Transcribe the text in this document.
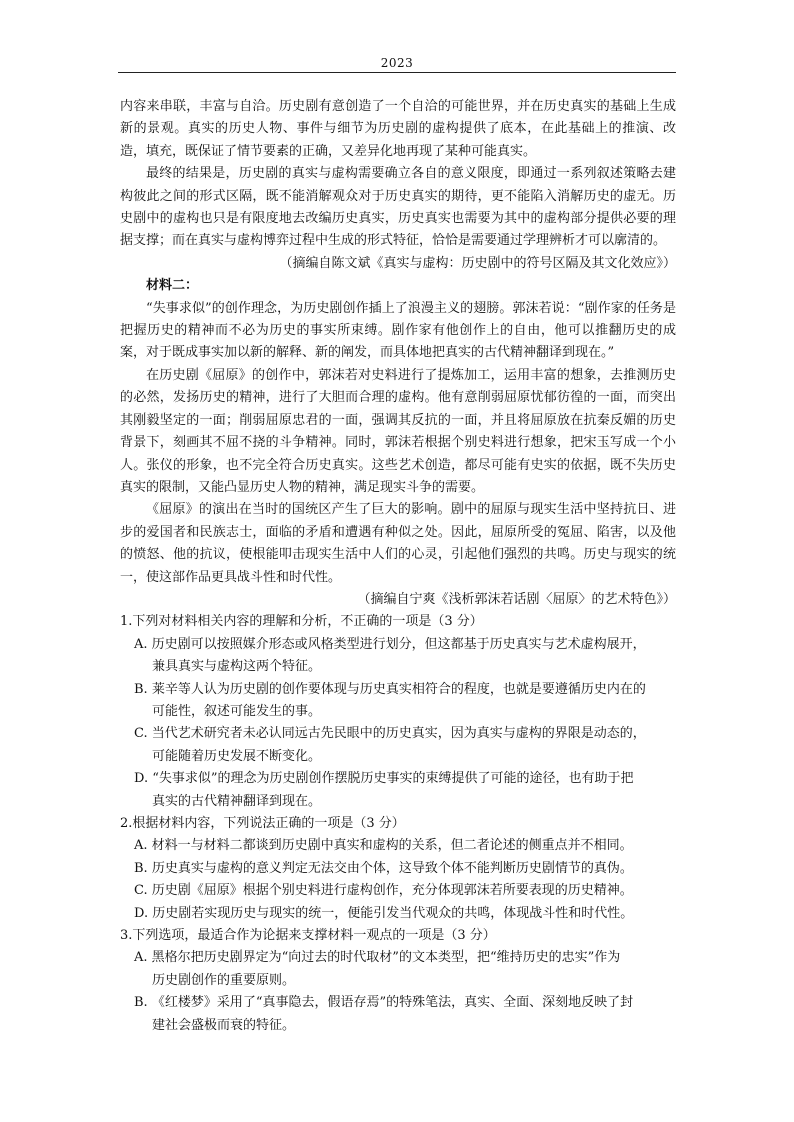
2023

内容来串联，丰富与自洽。历史剧有意创造了一个自洽的可能世界，并在历史真实的基础上生成新的景观。真实的历史人物、事件与细节为历史剧的虚构提供了底本，在此基础上的推演、改造，填充，既保证了情节要素的正确，又差异化地再现了某种可能真实。

最终的结果是，历史剧的真实与虚构需要确立各自的意义限度，即通过一系列叙述策略去建构彼此之间的形式区隔，既不能消解观众对于历史真实的期待，更不能陷入消解历史的虚无。历史剧中的虚构也只是有限度地去改编历史真实，历史真实也需要为其中的虚构部分提供必要的理据支撑；而在真实与虚构博弈过程中生成的形式特征，恰恰是需要通过学理辨析才可以廓清的。

（摘编自陈文斌《真实与虚构：历史剧中的符号区隔及其文化效应》）

材料二：

“失事求似”的创作理念，为历史剧创作插上了浪漫主义的翅膀。郭沫若说：“剧作家的任务是把握历史的精神而不必为历史的事实所束缚。剧作家有他创作上的自由，他可以推翻历史的成案，对于既成事实加以新的解释、新的阐发，而具体地把真实的古代精神翻译到现在。”

在历史剧《屈原》的创作中，郭沫若对史料进行了提炼加工，运用丰富的想象，去推测历史的必然，发扬历史的精神，进行了大胆而合理的虚构。他有意削弱屈原忧郁彷徨的一面，而突出其刚毅坚定的一面；削弱屈原忠君的一面，强调其反抗的一面，并且将屈原放在抗秦反媚的历史背景下，刻画其不屈不挠的斗争精神。同时，郭沫若根据个别史料进行想象，把宋玉写成一个小人。张仪的形象，也不完全符合历史真实。这些艺术创造，都尽可能有史实的依据，既不失历史真实的限制，又能凸显历史人物的精神，满足现实斗争的需要。

《屈原》的演出在当时的国统区产生了巨大的影响。剧中的屈原与现实生活中坚持抗日、进步的爱国者和民族志士，面临的矛盾和遭遇有种似之处。因此，屈原所受的冤屈、陷害，以及他的愤怒、他的抗议，使根能叩击现实生活中人们的心灵，引起他们强烈的共鸣。历史与现实的统一，使这部作品更具战斗性和时代性。

（摘编自宁爽《浅析郭沫若话剧〈屈原〉的艺术特色》）

1.下列对材料相关内容的理解和分析，不正确的一项是（3 分）

A. 历史剧可以按照媒介形态或风格类型进行划分，但这都基于历史真实与艺术虚构展开，

兼具真实与虚构这两个特征。

B. 莱辛等人认为历史剧的创作要体现与历史真实相符合的程度，也就是要遵循历史内在的

可能性，叙述可能发生的事。

C. 当代艺术研究者未必认同远古先民眼中的历史真实，因为真实与虚构的界限是动态的，

可能随着历史发展不断变化。

D. “失事求似”的理念为历史剧创作摆脱历史事实的束缚提供了可能的途径，也有助于把

真实的古代精神翻译到现在。

2.根据材料内容，下列说法正确的一项是（3 分）

A. 材料一与材料二都谈到历史剧中真实和虚构的关系，但二者论述的侧重点并不相同。

B. 历史真实与虚构的意义判定无法交由个体，这导致个体不能判断历史剧情节的真伪。

C. 历史剧《屈原》根据个别史料进行虚构创作，充分体现郭沫若所要表现的历史精神。

D. 历史剧若实现历史与现实的统一，便能引发当代观众的共鸣，体现战斗性和时代性。

3.下列选项，最适合作为论据来支撑材料一观点的一项是（3 分）

A. 黑格尔把历史剧界定为“向过去的时代取材”的文本类型，把“维持历史的忠实”作为

历史剧创作的重要原则。

B. 《红楼梦》采用了“真事隐去，假语存焉”的特殊笔法，真实、全面、深刻地反映了封

建社会盛极而衰的特征。
